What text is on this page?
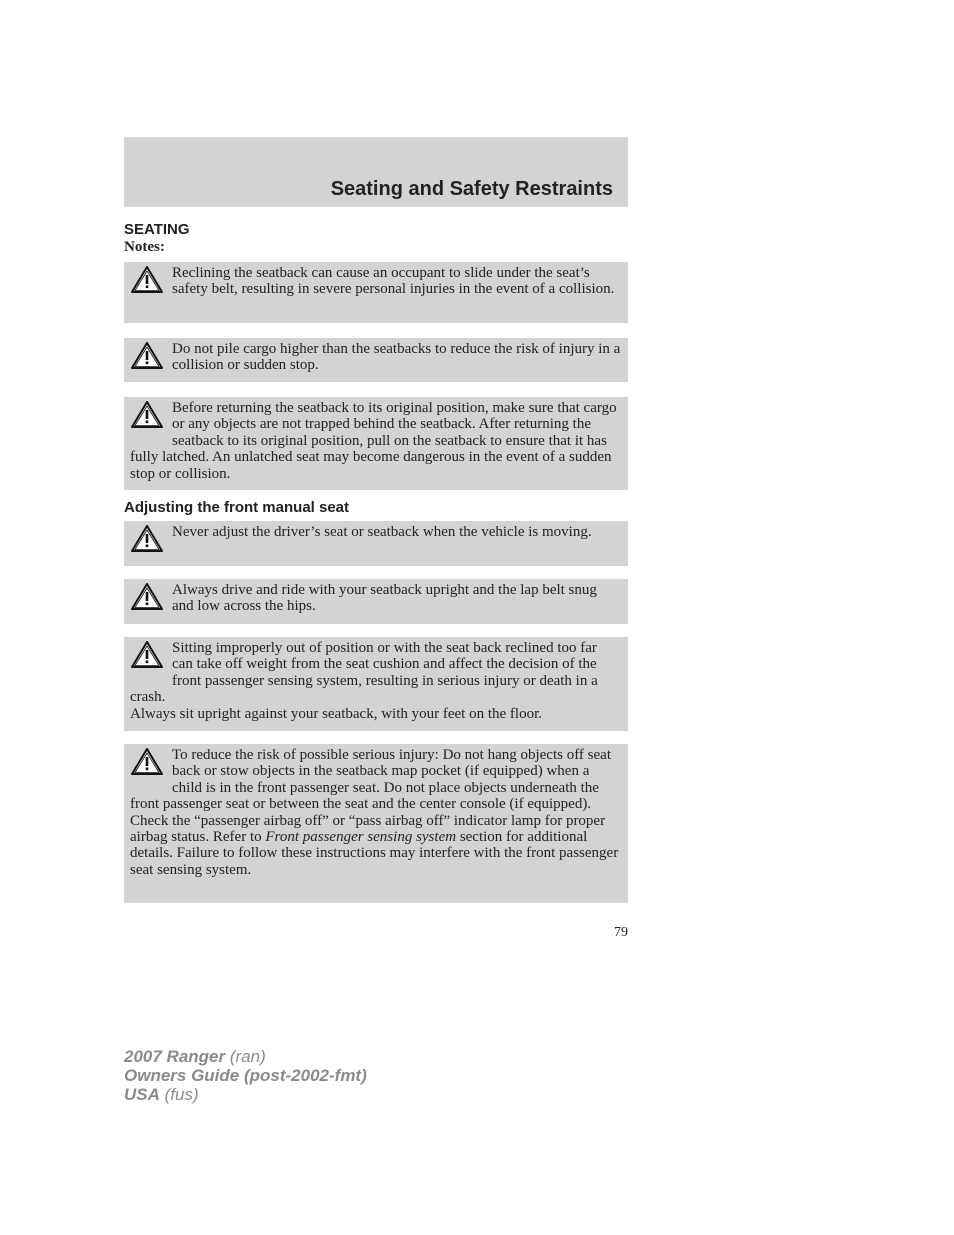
Seating and Safety Restraints
SEATING
Notes:

Reclining the seatback can cause an occupant to slide under the seat’s safety belt, resulting in severe personal injuries in the event of a collision.

Do not pile cargo higher than the seatbacks to reduce the risk of injury in a collision or sudden stop.

Before returning the seatback to its original position, make sure that cargo or any objects are not trapped behind the seatback. After returning the seatback to its original position, pull on the seatback to ensure that it has fully latched. An unlatched seat may become dangerous in the event of a sudden stop or collision.

Adjusting the front manual seat

Never adjust the driver’s seat or seatback when the vehicle is moving.

Always drive and ride with your seatback upright and the lap belt snug and low across the hips.

Sitting improperly out of position or with the seat back reclined too far can take off weight from the seat cushion and affect the decision of the front passenger sensing system, resulting in serious injury or death in a crash.

Always sit upright against your seatback, with your feet on the floor.

To reduce the risk of possible serious injury: Do not hang objects off seat back or stow objects in the seatback map pocket (if equipped) when a child is in the front passenger seat. Do not place objects underneath the front passenger seat or between the seat and the center console (if equipped). Check the “passenger airbag off” or “pass airbag off” indicator lamp for proper airbag status. Refer to Front passenger sensing system section for additional details. Failure to follow these instructions may interfere with the front passenger seat sensing system.

79
2007 Ranger (ran)
Owners Guide (post-2002-fmt)
USA (fus)
